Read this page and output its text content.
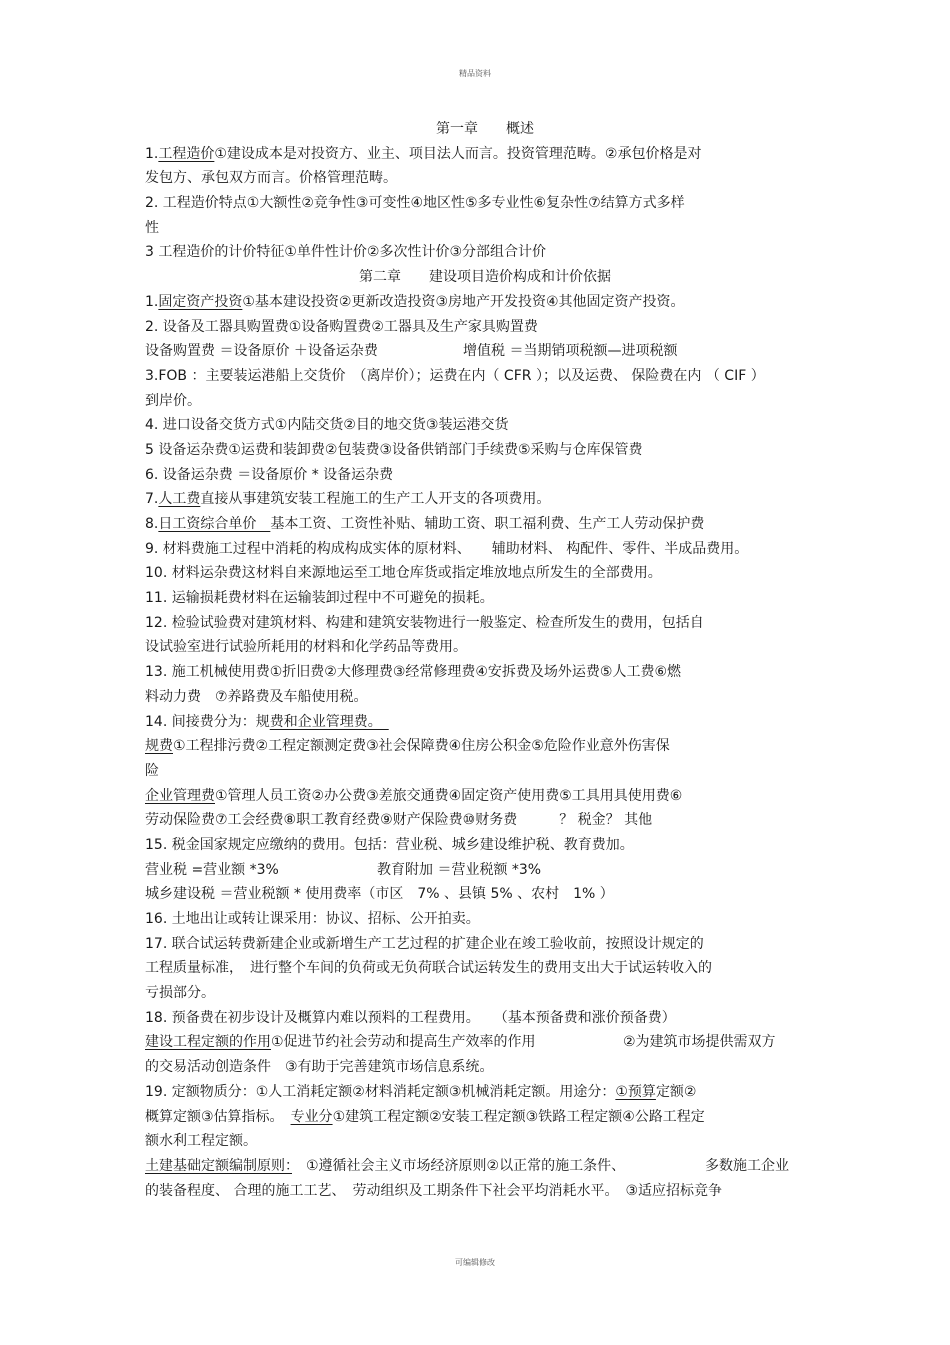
精品资料
第一章　　 概述
1.工程造价①建设成本是对投资方、业主、项目法人而言。投资管理范畴。②承包价格是对
发包方、承包双方而言。价格管理范畴。
2. 工程造价特点①大额性②竞争性③可变性④地区性⑤多专业性⑥复杂性⑦结算方式多样
性
3 工程造价的计价特征①单件性计价②多次性计价③分部组合计价
第二章　　 建设项目造价构成和计价依据
1.固定资产投资①基本建设投资②更新改造投资③房地产开发投资④其他固定资产投资。
2. 设备及工器具购置费①设备购置费②工器具及生产家具购置费
设备购置费 ＝设备原价 ＋设备运杂费	增值税 ＝当期销项税额—进项税额
3.FOB ：主要装运港船上交货价　（离岸价）；运费在内（ CFR ）；以及运费、 保险费在内 （ CIF ）
到岸价。
4. 进口设备交货方式①内陆交货②目的地交货③装运港交货
5 设备运杂费①运费和装卸费②包装费③设备供销部门手续费⑤采购与仓库保管费
6. 设备运杂费 ＝设备原价 * 设备运杂费
7.人工费直接从事建筑安装工程施工的生产工人开支的各项费用。
8.日工资综合单价　基本工资、工资性补贴、辅助工资、职工福利费、生产工人劳动保护费
9. 材料费施工过程中消耗的构成构成实体的原材料、　　辅助材料、 构配件、零件、半成品费用。
10. 材料运杂费这材料自来源地运至工地仓库货或指定堆放地点所发生的全部费用。
11. 运输损耗费材料在运输装卸过程中不可避免的损耗。
12. 检验试验费对建筑材料、构建和建筑安装物进行一般鉴定、检查所发生的费用，包括自
设试验室进行试验所耗用的材料和化学药品等费用。
13. 施工机械使用费①折旧费②大修理费③经常修理费④安拆费及场外运费⑤人工费⑥燃
料动力费　⑦养路费及车船使用税。
14. 间接费分为：规费和企业管理费。　
规费①工程排污费②工程定额测定费③社会保障费④住房公积金⑤危险作业意外伤害保
险
企业管理费①管理人员工资②办公费③差旅交通费④固定资产使用费⑤工具用具使用费⑥
劳动保险费⑦工会经费⑧职工教育经费⑨财产保险费⑩财务费　　　？ 税金？ 其他
15. 税金国家规定应缴纳的费用。包括：营业税、城乡建设维护税、教育费加。
营业税 =营业额 *3%	教育附加 ＝营业税额 *3%
城乡建设税 ＝营业税额 * 使用费率（市区　7% 、县镇 5% 、农村　1% ）
16. 土地出让或转让课采用：协议、招标、公开拍卖。
17. 联合试运转费新建企业或新增生产工艺过程的扩建企业在竣工验收前，按照设计规定的
工程质量标准，　进行整个车间的负荷或无负荷联合试运转发生的费用支出大于试运转收入的
亏损部分。
18. 预备费在初步设计及概算内难以预料的工程费用。　　（基本预备费和涨价预备费）
建设工程定额的作用①促进节约社会劳动和提高生产效率的作用	②为建筑市场提供需双方
的交易活动创造条件　③有助于完善建筑市场信息系统。
19. 定额物质分：①人工消耗定额②材料消耗定额③机械消耗定额。用途分：①预算定额②
概算定额③估算指标。　专业分①建筑工程定额②安装工程定额③铁路工程定额④公路工程定
额水利工程定额。
土建基础定额编制原则：　①遵循社会主义市场经济原则②以正常的施工条件、	多数施工企业
的装备程度、 合理的施工工艺、　劳动组织及工期条件下社会平均消耗水平。　③适应招标竞争
可编辑修改
